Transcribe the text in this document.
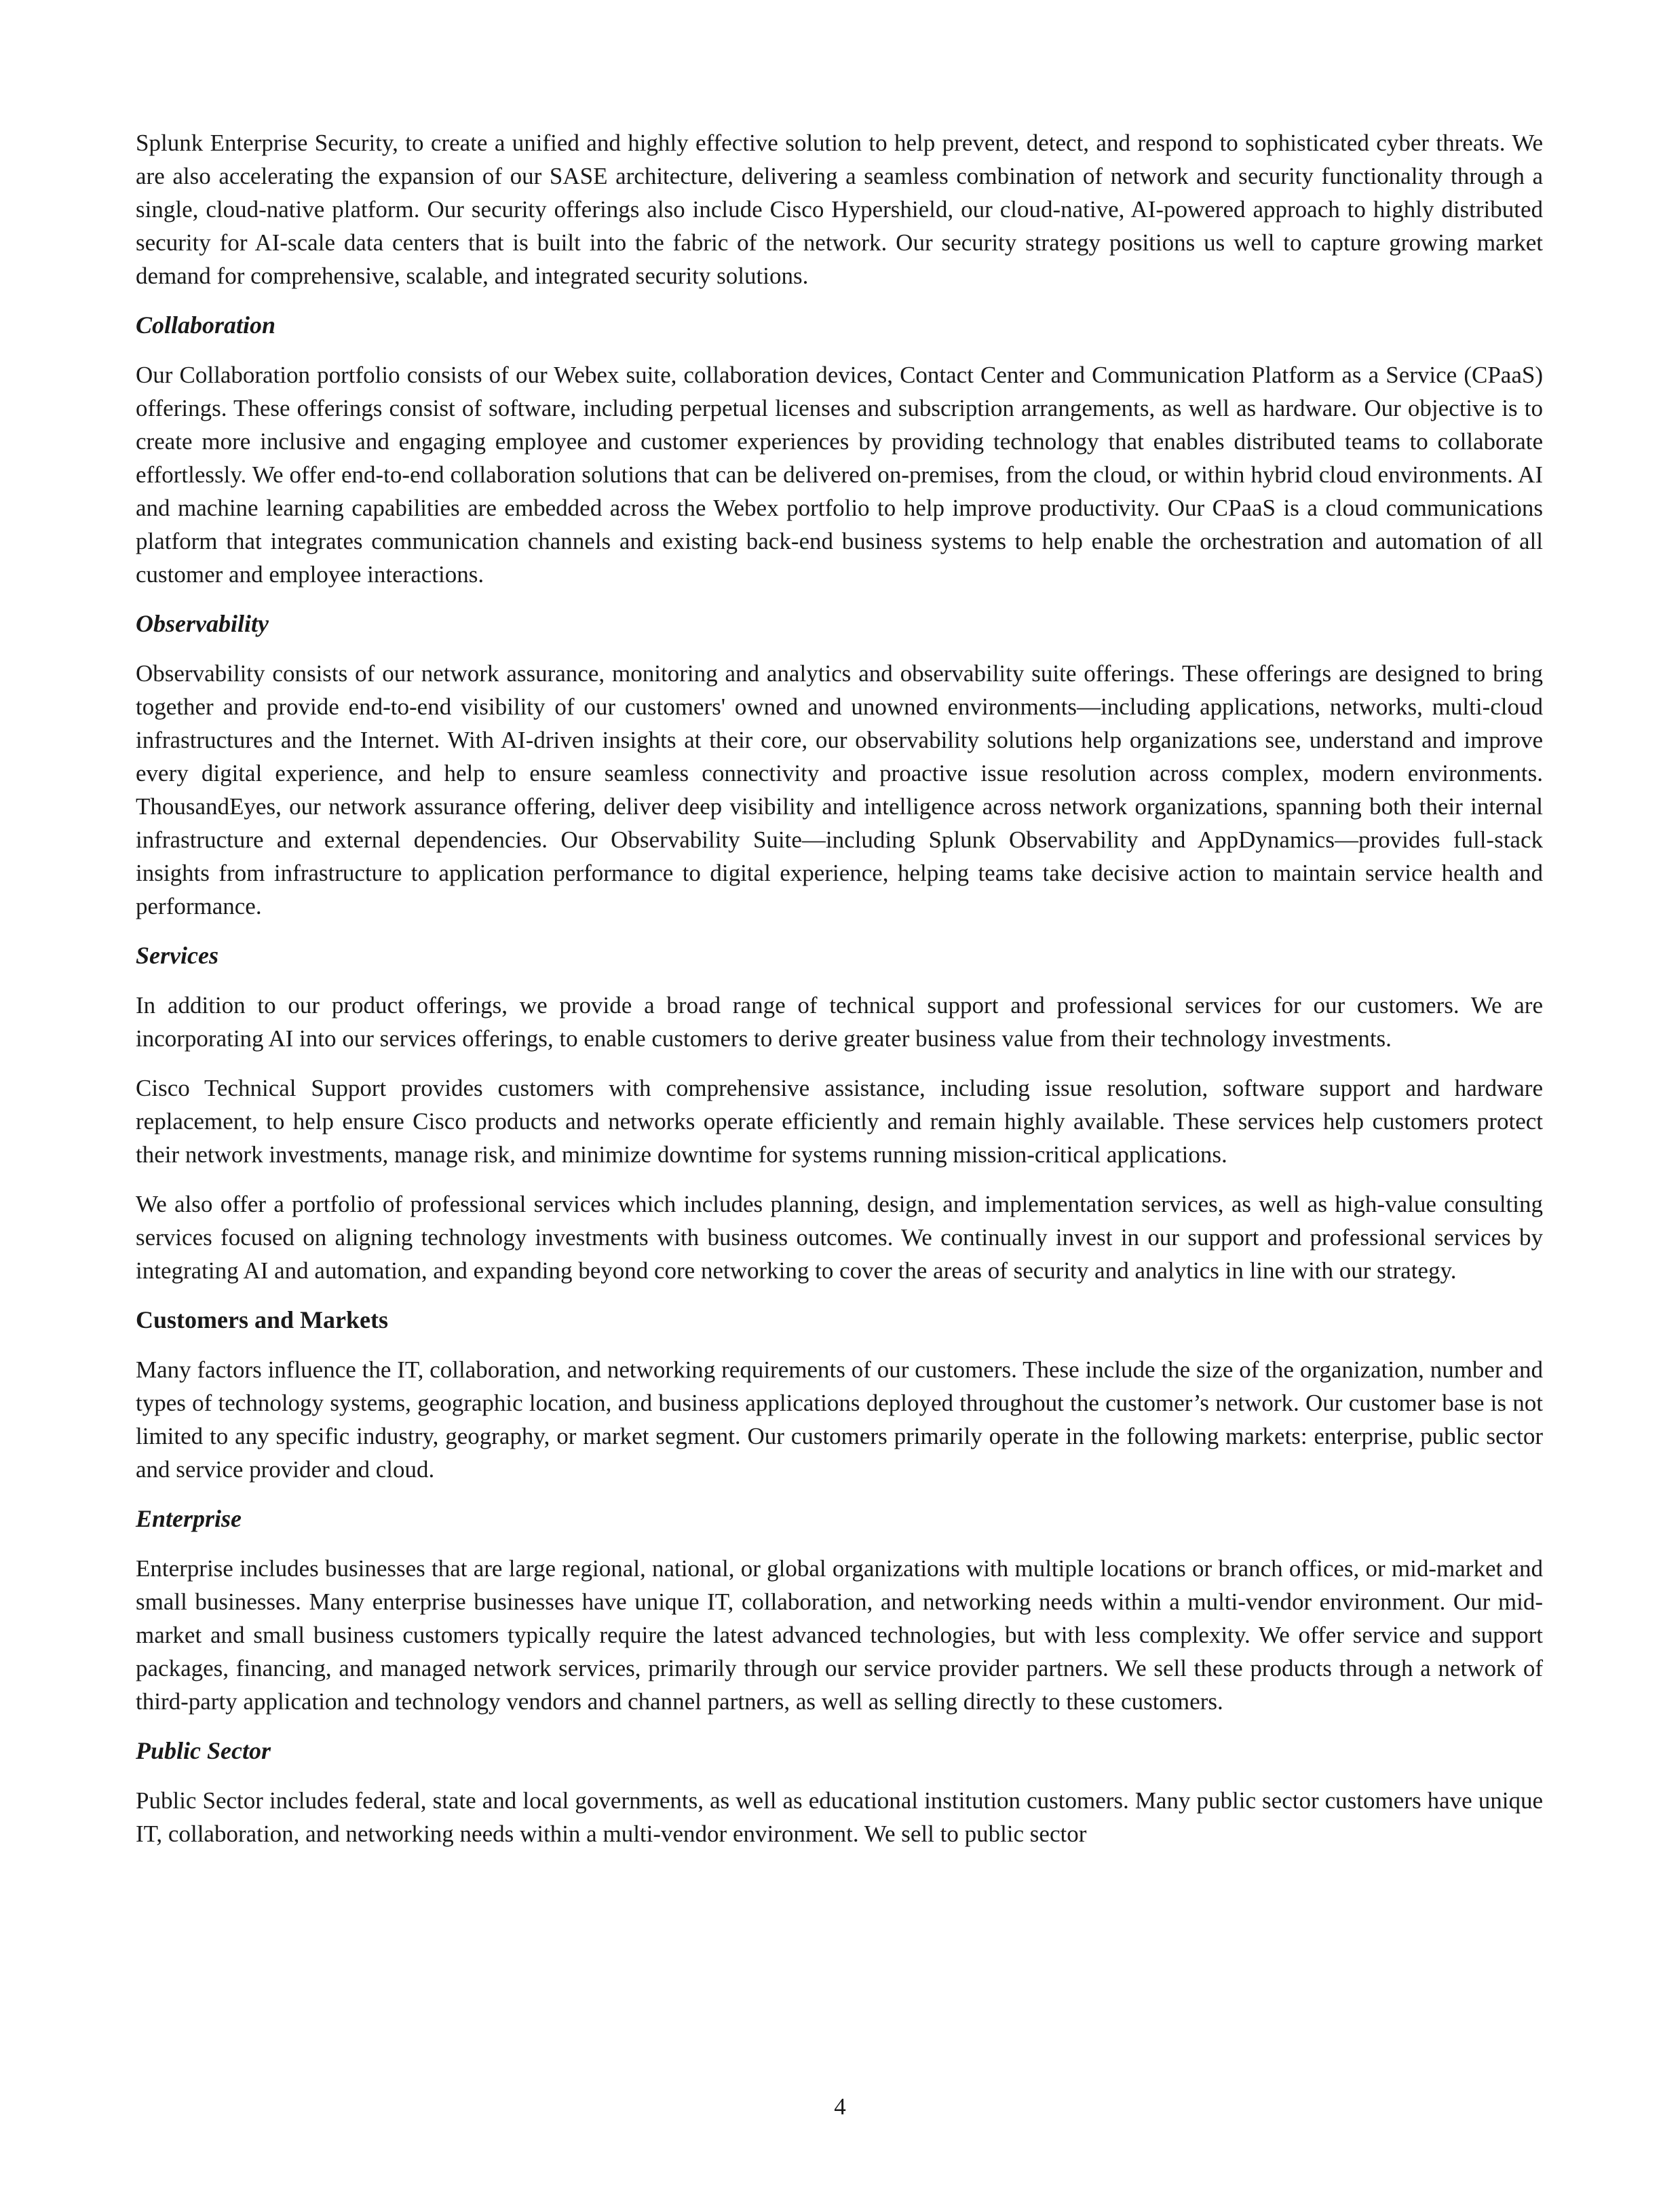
Splunk Enterprise Security, to create a unified and highly effective solution to help prevent, detect, and respond to sophisticated cyber threats. We are also accelerating the expansion of our SASE architecture, delivering a seamless combination of network and security functionality through a single, cloud-native platform. Our security offerings also include Cisco Hypershield, our cloud-native, AI-powered approach to highly distributed security for AI-scale data centers that is built into the fabric of the network. Our security strategy positions us well to capture growing market demand for comprehensive, scalable, and integrated security solutions.

Collaboration

Our Collaboration portfolio consists of our Webex suite, collaboration devices, Contact Center and Communication Platform as a Service (CPaaS) offerings. These offerings consist of software, including perpetual licenses and subscription arrangements, as well as hardware. Our objective is to create more inclusive and engaging employee and customer experiences by providing technology that enables distributed teams to collaborate effortlessly. We offer end-to-end collaboration solutions that can be delivered on-premises, from the cloud, or within hybrid cloud environments. AI and machine learning capabilities are embedded across the Webex portfolio to help improve productivity. Our CPaaS is a cloud communications platform that integrates communication channels and existing back-end business systems to help enable the orchestration and automation of all customer and employee interactions.

Observability

Observability consists of our network assurance, monitoring and analytics and observability suite offerings. These offerings are designed to bring together and provide end-to-end visibility of our customers' owned and unowned environments—including applications, networks, multi-cloud infrastructures and the Internet. With AI-driven insights at their core, our observability solutions help organizations see, understand and improve every digital experience, and help to ensure seamless connectivity and proactive issue resolution across complex, modern environments. ThousandEyes, our network assurance offering, deliver deep visibility and intelligence across network organizations, spanning both their internal infrastructure and external dependencies. Our Observability Suite—including Splunk Observability and AppDynamics—provides full-stack insights from infrastructure to application performance to digital experience, helping teams take decisive action to maintain service health and performance.

Services

In addition to our product offerings, we provide a broad range of technical support and professional services for our customers. We are incorporating AI into our services offerings, to enable customers to derive greater business value from their technology investments.

Cisco Technical Support provides customers with comprehensive assistance, including issue resolution, software support and hardware replacement, to help ensure Cisco products and networks operate efficiently and remain highly available. These services help customers protect their network investments, manage risk, and minimize downtime for systems running mission-critical applications.

We also offer a portfolio of professional services which includes planning, design, and implementation services, as well as high-value consulting services focused on aligning technology investments with business outcomes. We continually invest in our support and professional services by integrating AI and automation, and expanding beyond core networking to cover the areas of security and analytics in line with our strategy.

Customers and Markets

Many factors influence the IT, collaboration, and networking requirements of our customers. These include the size of the organization, number and types of technology systems, geographic location, and business applications deployed throughout the customer’s network. Our customer base is not limited to any specific industry, geography, or market segment. Our customers primarily operate in the following markets: enterprise, public sector and service provider and cloud.

Enterprise

Enterprise includes businesses that are large regional, national, or global organizations with multiple locations or branch offices, or mid-market and small businesses. Many enterprise businesses have unique IT, collaboration, and networking needs within a multi-vendor environment. Our mid-market and small business customers typically require the latest advanced technologies, but with less complexity. We offer service and support packages, financing, and managed network services, primarily through our service provider partners. We sell these products through a network of third-party application and technology vendors and channel partners, as well as selling directly to these customers.

Public Sector

Public Sector includes federal, state and local governments, as well as educational institution customers. Many public sector customers have unique IT, collaboration, and networking needs within a multi-vendor environment. We sell to public sector

4
